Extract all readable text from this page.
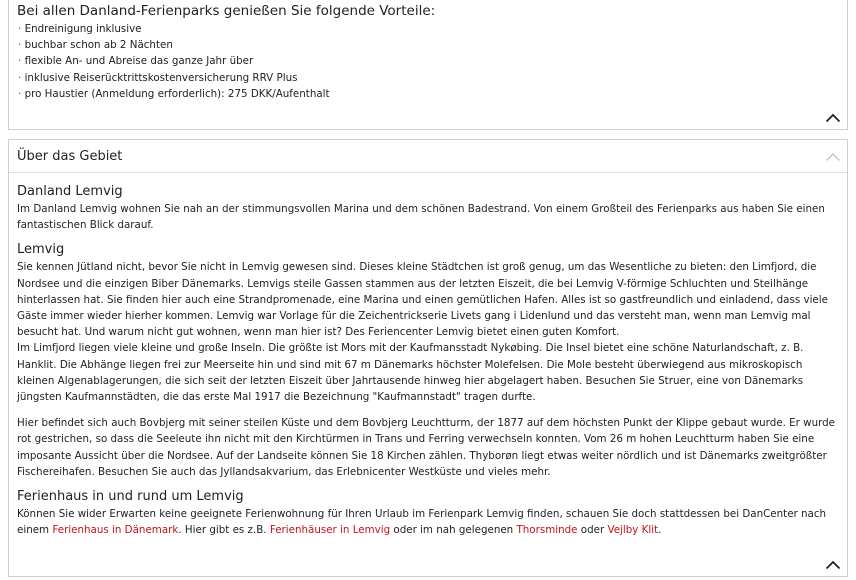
Bei allen Danland-Ferienparks genießen Sie folgende Vorteile:
· Endreinigung inklusive
· buchbar schon ab 2 Nächten
· flexible An- und Abreise das ganze Jahr über
· inklusive Reiserücktrittskostenversicherung RRV Plus
· pro Haustier (Anmeldung erforderlich): 275 DKK/Aufenthalt
Über das Gebiet
Danland Lemvig

Im Danland Lemvig wohnen Sie nah an der stimmungsvollen Marina und dem schönen Badestrand. Von einem Großteil des Ferienparks aus haben Sie einen fantastischen Blick darauf.

Lemvig

Sie kennen Jütland nicht, bevor Sie nicht in Lemvig gewesen sind. Dieses kleine Städtchen ist groß genug, um das Wesentliche zu bieten: den Limfjord, die Nordsee und die einzigen Biber Dänemarks. Lemvigs steile Gassen stammen aus der letzten Eiszeit, die bei Lemvig V-förmige Schluchten und Steilhänge hinterlassen hat. Sie finden hier auch eine Strandpromenade, eine Marina und einen gemütlichen Hafen. Alles ist so gastfreundlich und einladend, dass viele Gäste immer wieder hierher kommen. Lemvig war Vorlage für die Zeichentrickserie Livets gang i Lidenlund und das versteht man, wenn man Lemvig mal besucht hat. Und warum nicht gut wohnen, wenn man hier ist? Des Feriencenter Lemvig bietet einen guten Komfort.

Im Limfjord liegen viele kleine und große Inseln. Die größte ist Mors mit der Kaufmansstadt Nykøbing. Die Insel bietet eine schöne Naturlandschaft, z. B. Hanklit. Die Abhänge liegen frei zur Meerseite hin und sind mit 67 m Dänemarks höchster Molefelsen. Die Mole besteht überwiegend aus mikroskopisch kleinen Algenablagerungen, die sich seit der letzten Eiszeit über Jahrtausende hinweg hier abgelagert haben. Besuchen Sie Struer, eine von Dänemarks jüngsten Kaufmannstädten, die das erste Mal 1917 die Bezeichnung "Kaufmannstadt" tragen durfte.

Hier befindet sich auch Bovbjerg mit seiner steilen Küste und dem Bovbjerg Leuchtturm, der 1877 auf dem höchsten Punkt der Klippe gebaut wurde. Er wurde rot gestrichen, so dass die Seeleute ihn nicht mit den Kirchtürmen in Trans und Ferring verwechseln konnten. Vom 26 m hohen Leuchtturm haben Sie eine imposante Aussicht über die Nordsee. Auf der Landseite können Sie 18 Kirchen zählen. Thyborøn liegt etwas weiter nördlich und ist Dänemarks zweitgrößter Fischereihafen. Besuchen Sie auch das Jyllandsakvarium, das Erlebnicenter Westküste und vieles mehr.

Ferienhaus in und rund um Lemvig

Können Sie wider Erwarten keine geeignete Ferienwohnung für Ihren Urlaub im Ferienpark Lemvig finden, schauen Sie doch stattdessen bei DanCenter nach einem Ferienhaus in Dänemark. Hier gibt es z.B. Ferienhäuser in Lemvig oder im nah gelegenen Thorsminde oder Vejlby Klit.
